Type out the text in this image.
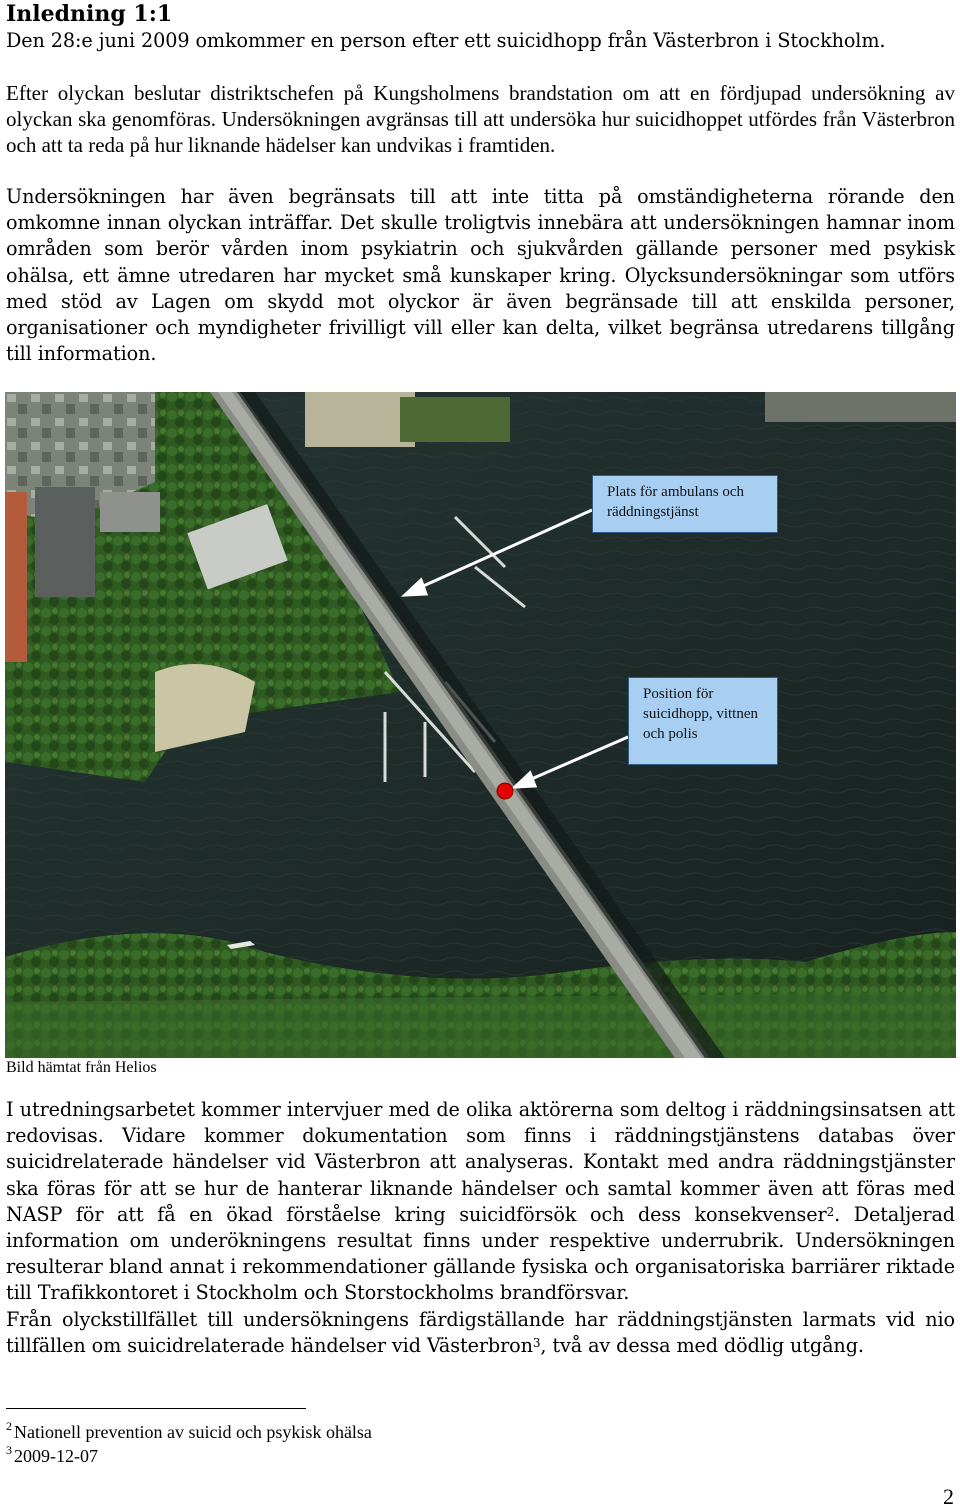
Inledning 1:1

Den 28:e juni 2009 omkommer en person efter ett suicidhopp från Västerbron i Stockholm.

Efter olyckan beslutar distriktschefen på Kungsholmens brandstation om att en fördjupad undersökning av olyckan ska genomföras. Undersökningen avgränsas till att undersöka hur suicidhoppet utfördes från Västerbron och att ta reda på hur liknande hädelser kan undvikas i framtiden.

Undersökningen har även begränsats till att inte titta på omständigheterna rörande den omkomne innan olyckan inträffar. Det skulle troligtvis innebära att undersökningen hamnar inom områden som berör vården inom psykiatrin och sjukvården gällande personer med psykisk ohälsa, ett ämne utredaren har mycket små kunskaper kring. Olycksundersökningar som utförs med stöd av Lagen om skydd mot olyckor är även begränsade till att enskilda personer, organisationer och myndigheter frivilligt vill eller kan delta, vilket begränsa utredarens tillgång till information.

Plats för ambulans och räddningstjänst
Position för suicidhopp, vittnen och polis
Bild hämtat från Helios

I utredningsarbetet kommer intervjuer med de olika aktörerna som deltog i räddningsinsatsen att redovisas. Vidare kommer dokumentation som finns i räddningstjänstens databas över suicidrelaterade händelser vid Västerbron att analyseras. Kontakt med andra räddningstjänster ska föras för att se hur de hanterar liknande händelser och samtal kommer även att föras med NASP för att få en ökad förståelse kring suicidförsök och dess konsekvenser$^2$. Detaljerad information om underökningens resultat finns under respektive underrubrik. Undersökningen resulterar bland annat i rekommendationer gällande fysiska och organisatoriska barriärer riktade till Trafikkontoret i Stockholm och Storstockholms brandförsvar.
Från olyckstillfället till undersökningens färdigställande har räddningstjänsten larmats vid nio tillfällen om suicidrelaterade händelser vid Västerbron$^3$, två av dessa med dödlig utgång.

$^2$ Nationell prevention av suicid och psykisk ohälsa
$^3$ 2009-12-07
2
